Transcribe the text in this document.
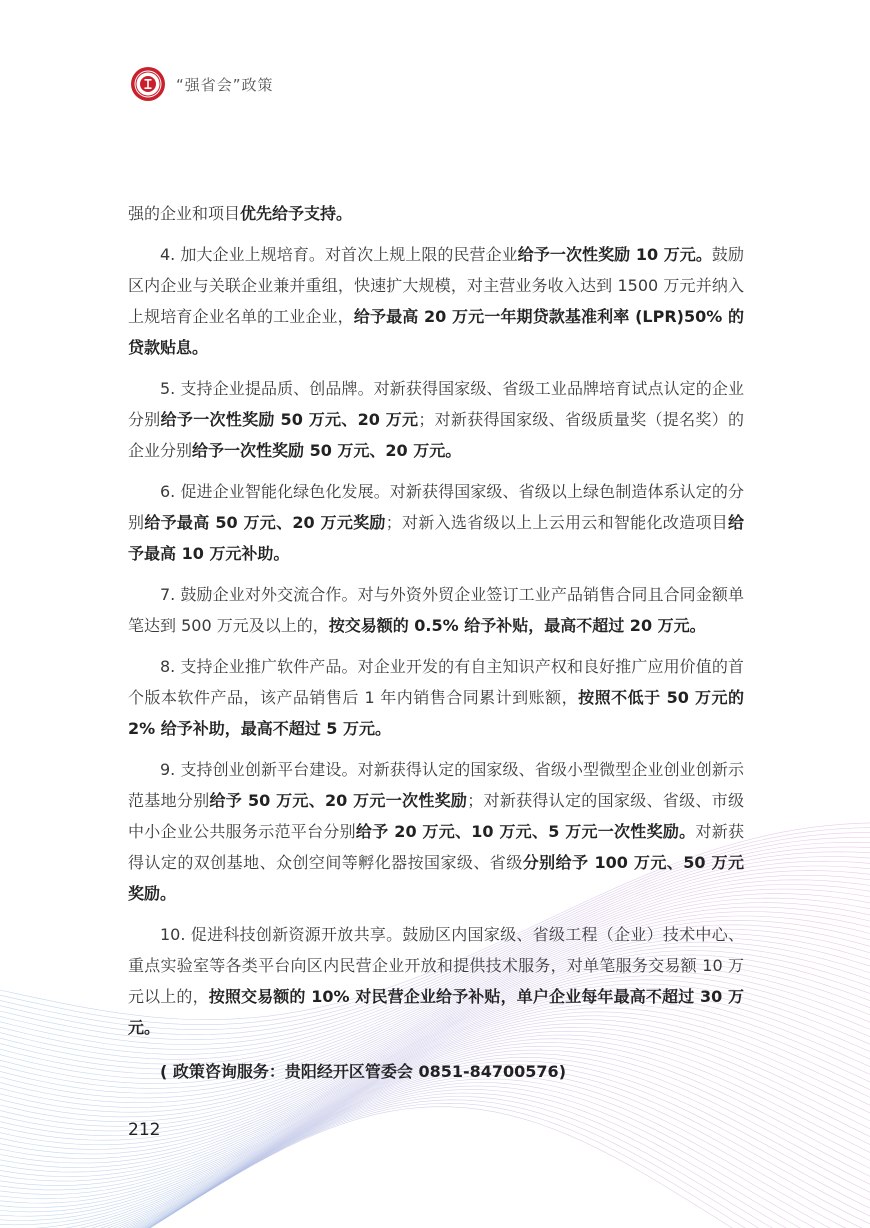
“强省会”政策

强的企业和项目优先给予支持。

4. 加大企业上规培育。对首次上规上限的民营企业给予一次性奖励 10 万元。鼓励区内企业与关联企业兼并重组，快速扩大规模，对主营业务收入达到 1500 万元并纳入上规培育企业名单的工业企业，给予最高 20 万元一年期贷款基准利率 (LPR)50% 的贷款贴息。

5. 支持企业提品质、创品牌。对新获得国家级、省级工业品牌培育试点认定的企业分别给予一次性奖励 50 万元、20 万元；对新获得国家级、省级质量奖（提名奖）的企业分别给予一次性奖励 50 万元、20 万元。

6. 促进企业智能化绿色化发展。对新获得国家级、省级以上绿色制造体系认定的分别给予最高 50 万元、20 万元奖励；对新入选省级以上上云用云和智能化改造项目给予最高 10 万元补助。

7. 鼓励企业对外交流合作。对与外资外贸企业签订工业产品销售合同且合同金额单笔达到 500 万元及以上的，按交易额的 0.5% 给予补贴，最高不超过 20 万元。

8. 支持企业推广软件产品。对企业开发的有自主知识产权和良好推广应用价值的首个版本软件产品，该产品销售后 1 年内销售合同累计到账额，按照不低于 50 万元的 2% 给予补助，最高不超过 5 万元。

9. 支持创业创新平台建设。对新获得认定的国家级、省级小型微型企业创业创新示范基地分别给予 50 万元、20 万元一次性奖励；对新获得认定的国家级、省级、市级中小企业公共服务示范平台分别给予 20 万元、10 万元、5 万元一次性奖励。对新获得认定的双创基地、众创空间等孵化器按国家级、省级分别给予 100 万元、50 万元奖励。

10. 促进科技创新资源开放共享。鼓励区内国家级、省级工程（企业）技术中心、重点实验室等各类平台向区内民营企业开放和提供技术服务，对单笔服务交易额 10 万元以上的，按照交易额的 10% 对民营企业给予补贴，单户企业每年最高不超过 30 万元。

( 政策咨询服务：贵阳经开区管委会 0851-84700576)
212
